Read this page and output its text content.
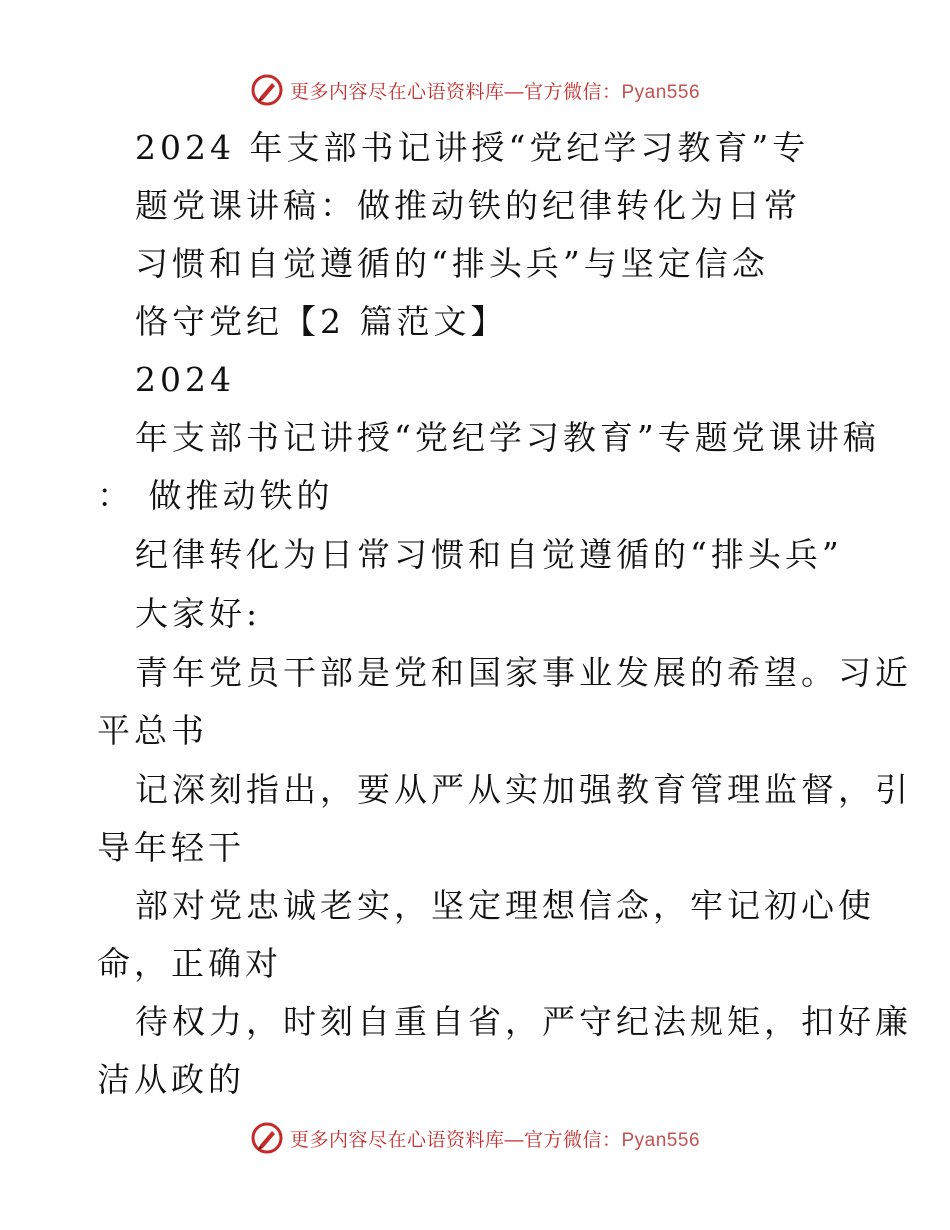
更多内容尽在心语资料库—官方微信：Pyan556
2024 年支部书记讲授“党纪学习教育”专
题党课讲稿：做推动铁的纪律转化为日常
习惯和自觉遵循的“排头兵”与坚定信念
恪守党纪【2 篇范文】
2024
年支部书记讲授“党纪学习教育”专题党课讲稿
： 做推动铁的
纪律转化为日常习惯和自觉遵循的“排头兵”
大家好:
青年党员干部是党和国家事业发展的希望。习近
平总书
记深刻指出，要从严从实加强教育管理监督，引
导年轻干
部对党忠诚老实，坚定理想信念，牢记初心使
命，正确对
待权力，时刻自重自省，严守纪法规矩，扣好廉
洁从政的
更多内容尽在心语资料库—官方微信：Pyan556
